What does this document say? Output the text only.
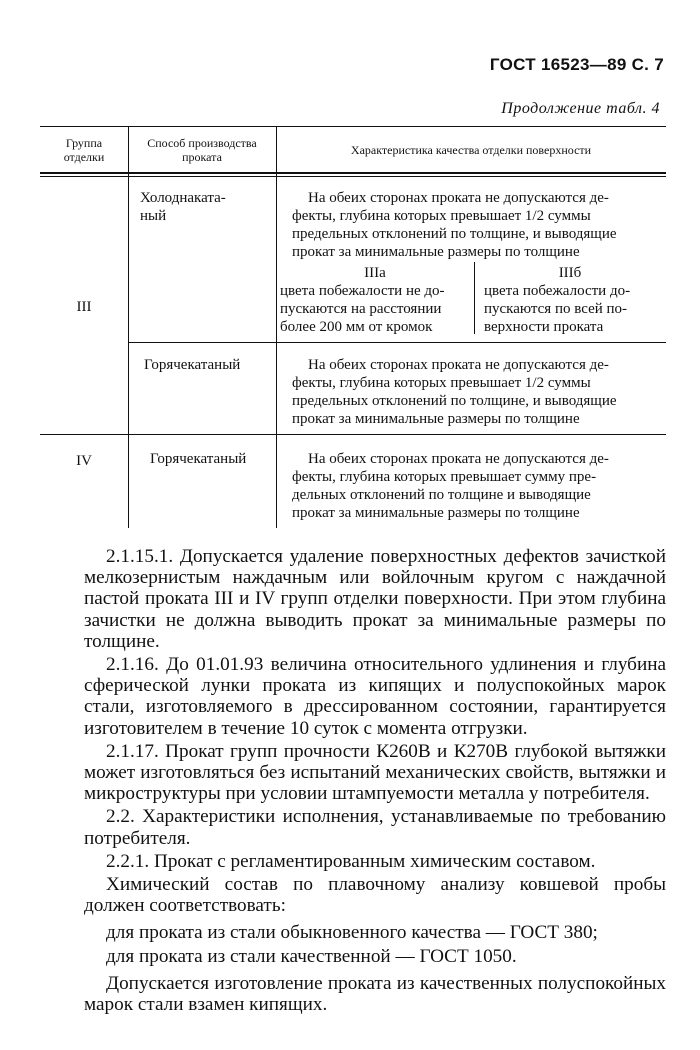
ГОСТ 16523—89 С. 7
Продолжение табл. 4
Группа
отделки
Способ производства
проката	Характеристика качества отделки поверхности
III
IV
Холоднаката-
ный
Горячекатаный
Горячекатаный
На обеих сторонах проката не допускаются де-
фекты, глубина которых превышает 1/2 суммы
предельных отклонений по толщине, и выводящие
прокат за минимальные размеры по толщине
IIIa
цвета побежалости не до-
пускаются на расстоянии
более 200 мм от кромок
IIIб
цвета побежалости до-
пускаются по всей по-
верхности проката
На обеих сторонах проката не допускаются де-
фекты, глубина которых превышает 1/2 суммы
предельных отклонений по толщине, и выводящие
прокат за минимальные размеры по толщине
На обеих сторонах проката не допускаются де-
фекты, глубина которых превышает сумму пре-
дельных отклонений по толщине и выводящие
прокат за минимальные размеры по толщине

2.1.15.1. Допускается удаление поверхностных дефектов зачисткой мелкозернистым наждачным или войлочным кругом с наждачной пастой проката III и IV групп отделки поверхности. При этом глубина зачистки не должна выводить прокат за минимальные размеры по толщине.

2.1.16. До 01.01.93 величина относительного удлинения и глубина сферической лунки проката из кипящих и полуспокойных марок стали, изготовляемого в дрессированном состоянии, гарантируется изготовителем в течение 10 суток с момента отгрузки.

2.1.17. Прокат групп прочности К260В и К270В глубокой вытяжки может изготовляться без испытаний механических свойств, вытяжки и микроструктуры при условии штампуемости металла у потребителя.

2.2. Характеристики исполнения, устанавливаемые по требованию потребителя.

2.2.1. Прокат с регламентированным химическим составом.

Химический состав по плавочному анализу ковшевой пробы должен соответствовать:

для проката из стали обыкновенного качества — ГОСТ 380;

для проката из стали качественной — ГОСТ 1050.

Допускается изготовление проката из качественных полуспокойных марок стали взамен кипящих.
